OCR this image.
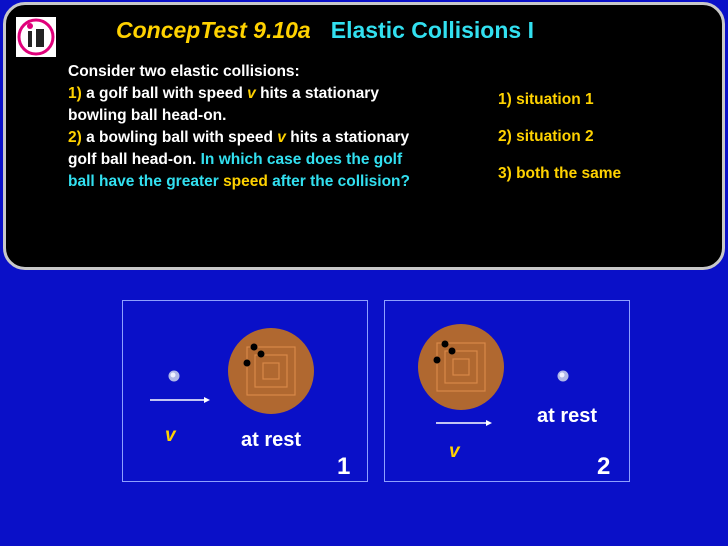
ConcepTest 9.10a Elastic Collisions I
Consider two elastic collisions:
1) a golf ball with speed v hits a stationary bowling ball head-on.
2) a bowling ball with speed v hits a stationary golf ball head-on. In which case does the golf ball have the greater speed after the collision?
1) situation 1
2) situation 2
3) both the same
v	at rest
1
v
at rest
2
